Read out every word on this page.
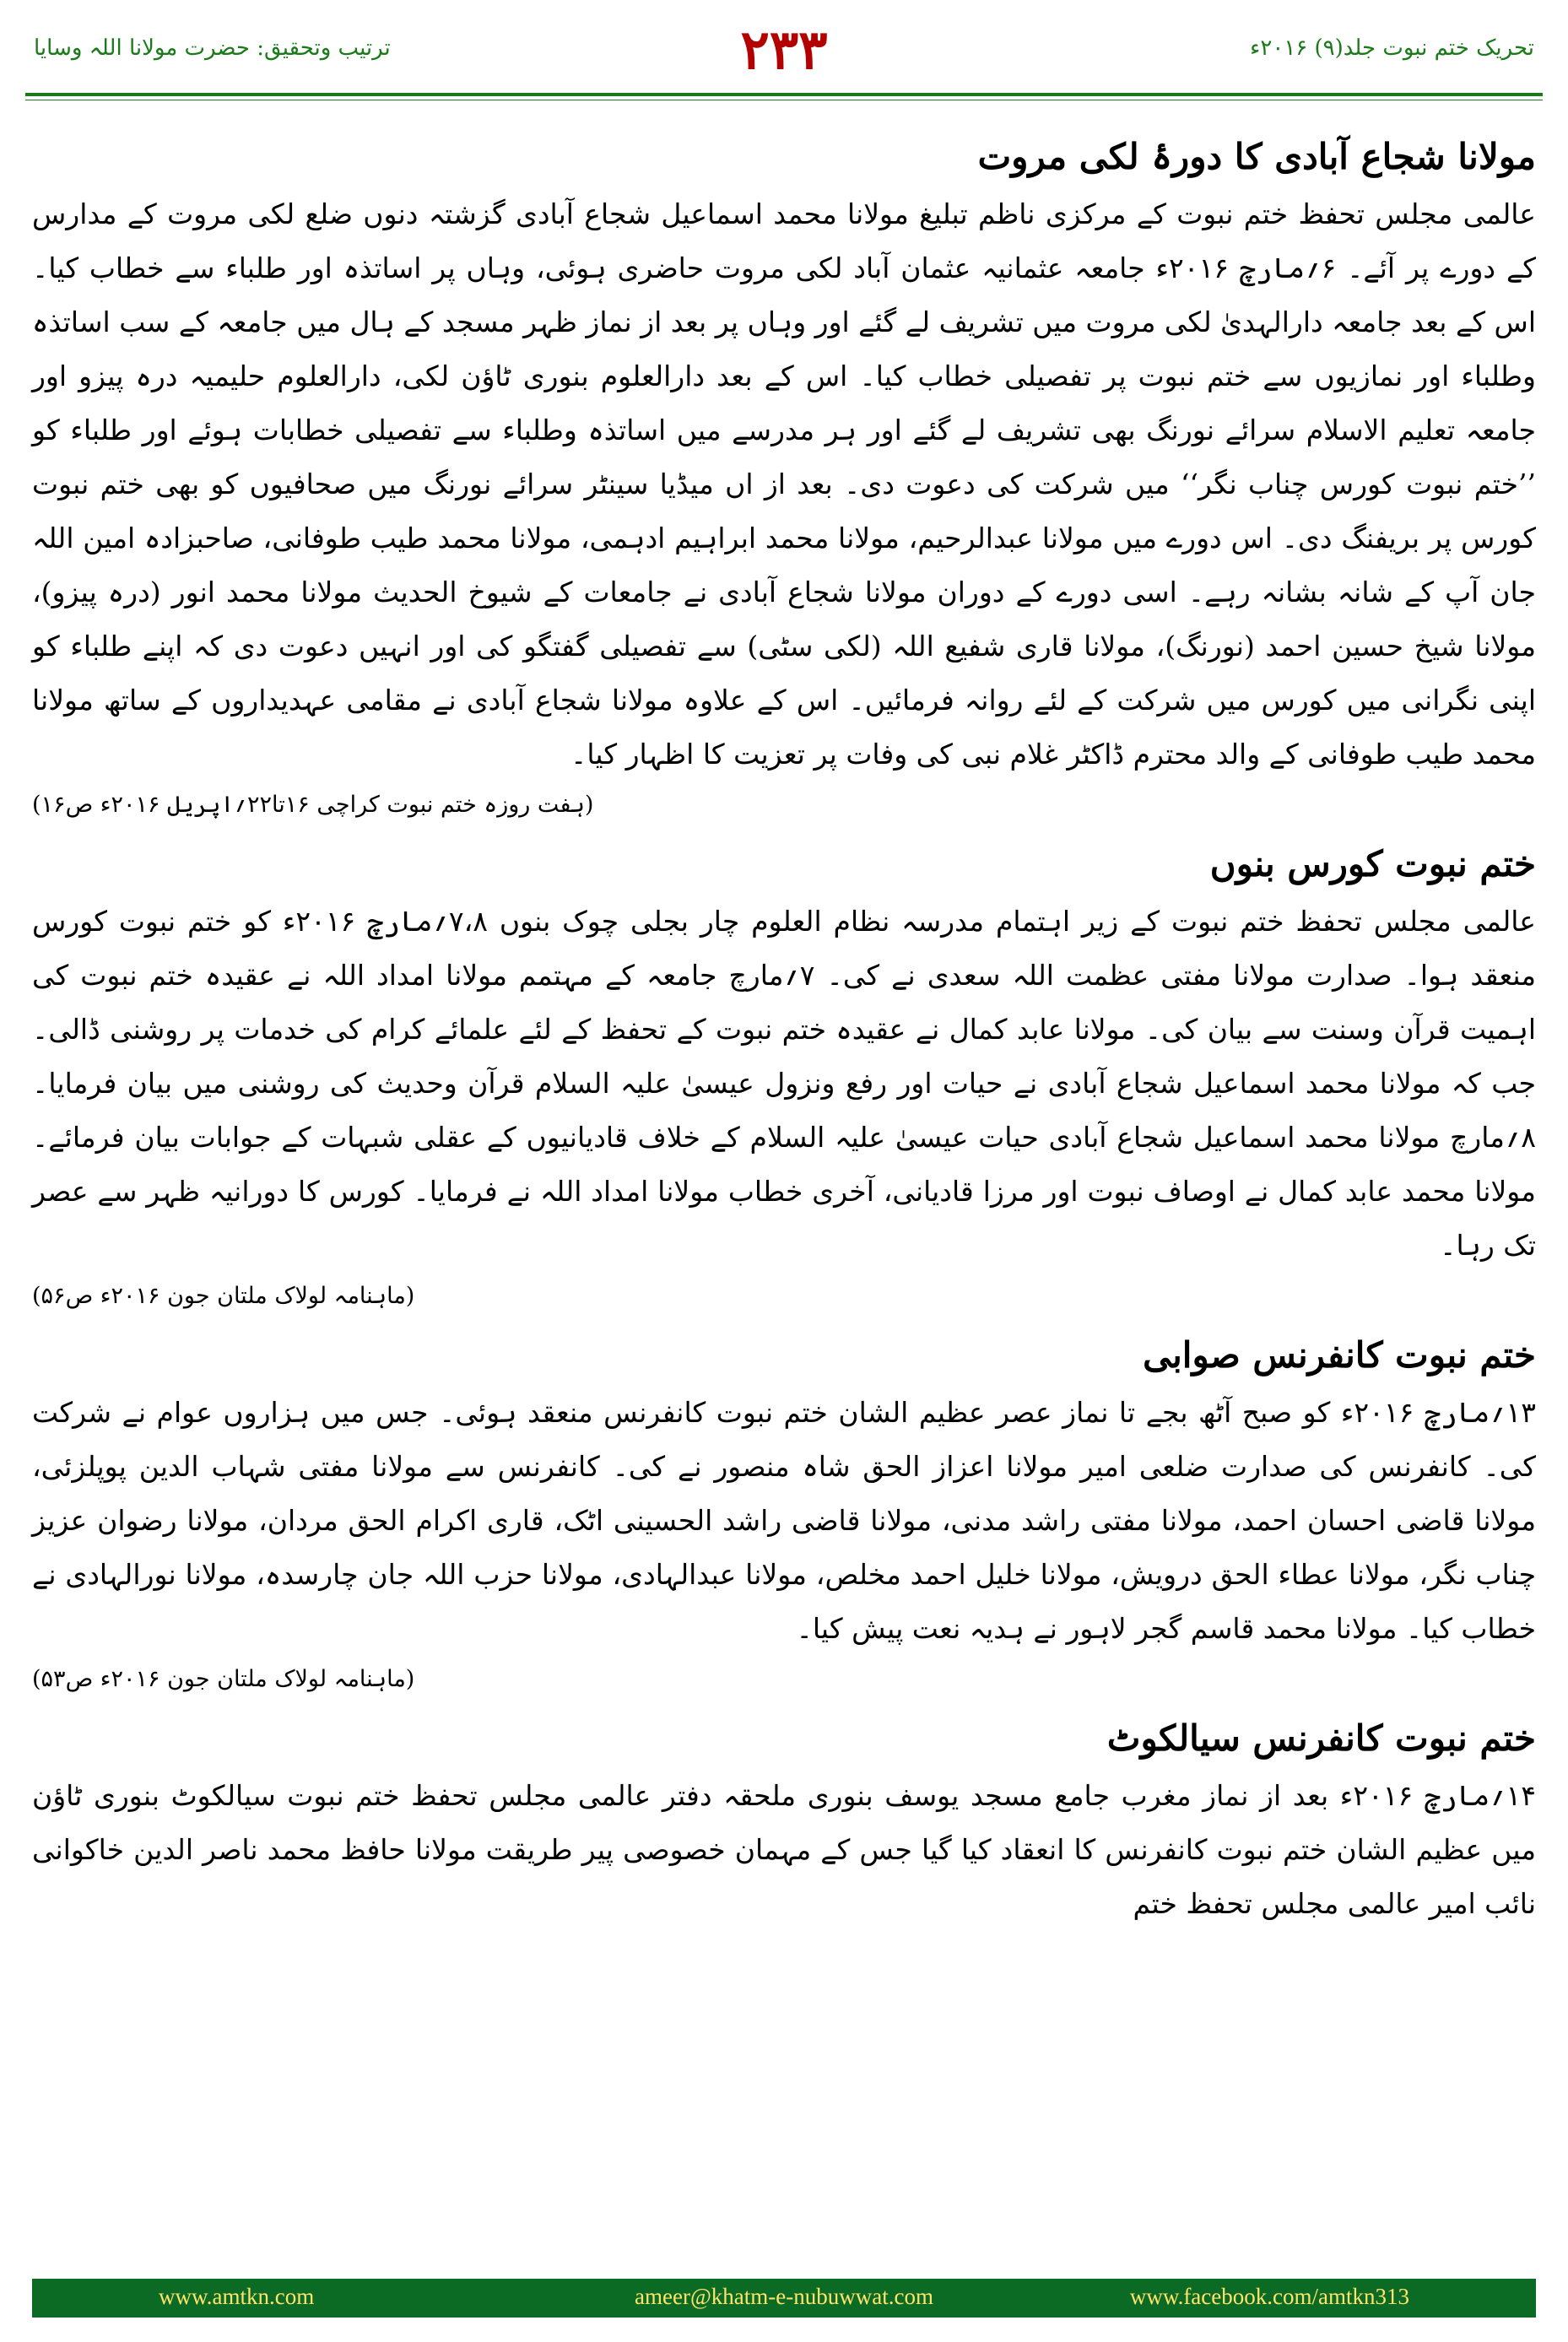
ترتیب وتحقیق: حضرت مولانا اللہ وسایا	۲۳۳	تحریک ختم نبوت جلد(۹) ۲۰۱۶ء
مولانا شجاع آبادی کا دورۂ لکی مروت
عالمی مجلس تحفظ ختم نبوت کے مرکزی ناظم تبلیغ مولانا محمد اسماعیل شجاع آبادی گزشتہ دنوں ضلع لکی مروت کے مدارس کے دورے پر آئے۔ ۶؍مارچ ۲۰۱۶ء جامعہ عثمانیہ عثمان آباد لکی مروت حاضری ہوئی، وہاں پر اساتذہ اور طلباء سے خطاب کیا۔ اس کے بعد جامعہ دارالہدیٰ لکی مروت میں تشریف لے گئے اور وہاں پر بعد از نماز ظہر مسجد کے ہال میں جامعہ کے سب اساتذہ وطلباء اور نمازیوں سے ختم نبوت پر تفصیلی خطاب کیا۔ اس کے بعد دارالعلوم بنوری ٹاؤن لکی، دارالعلوم حلیمیہ درہ پیزو اور جامعہ تعلیم الاسلام سرائے نورنگ بھی تشریف لے گئے اور ہر مدرسے میں اساتذہ وطلباء سے تفصیلی خطابات ہوئے اور طلباء کو ’’ختم نبوت کورس چناب نگر‘‘ میں شرکت کی دعوت دی۔ بعد از اں میڈیا سینٹر سرائے نورنگ میں صحافیوں کو بھی ختم نبوت کورس پر بریفنگ دی۔ اس دورے میں مولانا عبدالرحیم، مولانا محمد ابراہیم ادہمی، مولانا محمد طیب طوفانی، صاحبزادہ امین اللہ جان آپ کے شانہ بشانہ رہے۔ اسی دورے کے دوران مولانا شجاع آبادی نے جامعات کے شیوخ الحدیث مولانا محمد انور (درہ پیزو)، مولانا شیخ حسین احمد (نورنگ)، مولانا قاری شفیع اللہ (لکی سٹی) سے تفصیلی گفتگو کی اور انہیں دعوت دی کہ اپنے طلباء کو اپنی نگرانی میں کورس میں شرکت کے لئے روانہ فرمائیں۔ اس کے علاوہ مولانا شجاع آبادی نے مقامی عہدیداروں کے ساتھ مولانا محمد طیب طوفانی کے والد محترم ڈاکٹر غلام نبی کی وفات پر تعزیت کا اظہار کیا۔
(ہفت روزہ ختم نبوت کراچی ۱۶تا۲۲؍اپریل ۲۰۱۶ء ص۱۶)
ختم نبوت کورس بنوں
عالمی مجلس تحفظ ختم نبوت کے زیر اہتمام مدرسہ نظام العلوم چار بجلی چوک بنوں ۷،۸؍مارچ ۲۰۱۶ء کو ختم نبوت کورس منعقد ہوا۔ صدارت مولانا مفتی عظمت اللہ سعدی نے کی۔ ۷؍مارچ جامعہ کے مہتمم مولانا امداد اللہ نے عقیدہ ختم نبوت کی اہمیت قرآن وسنت سے بیان کی۔ مولانا عابد کمال نے عقیدہ ختم نبوت کے تحفظ کے لئے علمائے کرام کی خدمات پر روشنی ڈالی۔ جب کہ مولانا محمد اسماعیل شجاع آبادی نے حیات اور رفع ونزول عیسیٰ علیہ السلام قرآن وحدیث کی روشنی میں بیان فرمایا۔ ۸؍مارچ مولانا محمد اسماعیل شجاع آبادی حیات عیسیٰ علیہ السلام کے خلاف قادیانیوں کے عقلی شبہات کے جوابات بیان فرمائے۔ مولانا محمد عابد کمال نے اوصاف نبوت اور مرزا قادیانی، آخری خطاب مولانا امداد اللہ نے فرمایا۔ کورس کا دورانیہ ظہر سے عصر تک رہا۔
(ماہنامہ لولاک ملتان جون ۲۰۱۶ء ص۵۶)
ختم نبوت کانفرنس صوابی
۱۳؍مارچ ۲۰۱۶ء کو صبح آٹھ بجے تا نماز عصر عظیم الشان ختم نبوت کانفرنس منعقد ہوئی۔ جس میں ہزاروں عوام نے شرکت کی۔ کانفرنس کی صدارت ضلعی امیر مولانا اعزاز الحق شاہ منصور نے کی۔ کانفرنس سے مولانا مفتی شہاب الدین پوپلزئی، مولانا قاضی احسان احمد، مولانا مفتی راشد مدنی، مولانا قاضی راشد الحسینی اٹک، قاری اکرام الحق مردان، مولانا رضوان عزیز چناب نگر، مولانا عطاء الحق درویش، مولانا خلیل احمد مخلص، مولانا عبدالہادی، مولانا حزب اللہ جان چارسدہ، مولانا نورالہادی نے خطاب کیا۔ مولانا محمد قاسم گجر لاہور نے ہدیہ نعت پیش کیا۔
(ماہنامہ لولاک ملتان جون ۲۰۱۶ء ص۵۳)
ختم نبوت کانفرنس سیالکوٹ
۱۴؍مارچ ۲۰۱۶ء بعد از نماز مغرب جامع مسجد یوسف بنوری ملحقہ دفتر عالمی مجلس تحفظ ختم نبوت سیالکوٹ بنوری ٹاؤن میں عظیم الشان ختم نبوت کانفرنس کا انعقاد کیا گیا جس کے مہمان خصوصی پیر طریقت مولانا حافظ محمد ناصر الدین خاکوانی نائب امیر عالمی مجلس تحفظ ختم
www.amtkn.com	ameer@khatm-e-nubuwwat.com	www.facebook.com/amtkn313
